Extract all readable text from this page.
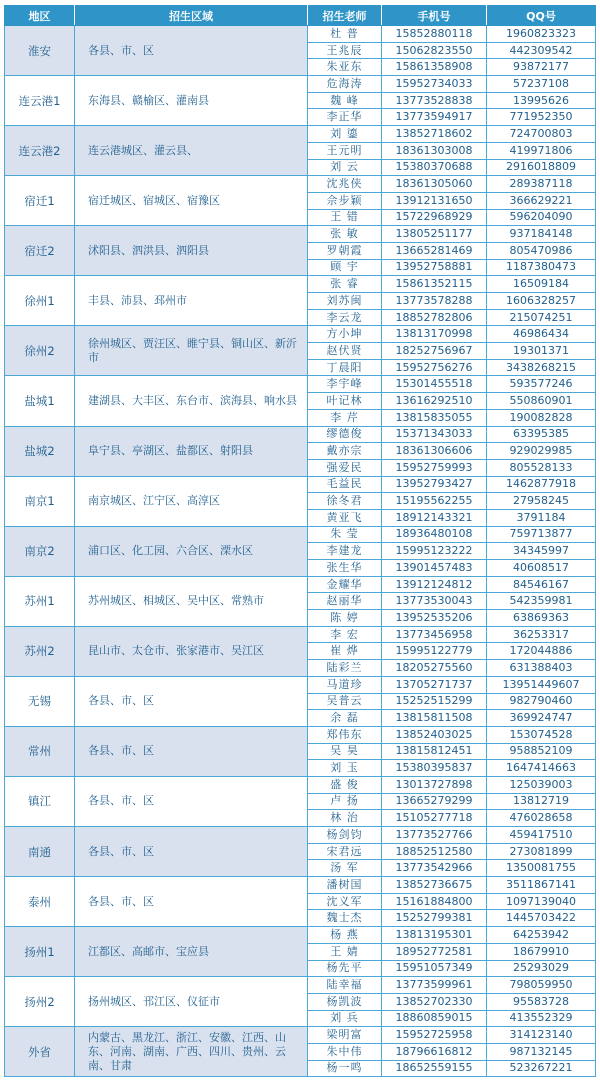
地区	招生区域	招生老师	手机号	QQ号
淮安	各县、市、区	杜 普	15852880118	1960823323
		王兆辰	15062823550	442309542
		朱亚东	15861358908	93872177
连云港1	东海县、赣榆区、灌南县	危海涛	15952734033	57237108
		魏 峰	13773528838	13995626
		李正华	13773594917	771952350
连云港2	连云港城区、灌云县、	刘 鎏	13852718602	724700803
		王元明	18361303008	419971806
		刘 云	15380370688	2916018809
宿迁1	宿迁城区、宿城区、宿豫区	沈兆侠	18361305060	289387118
		佘步颖	13912131650	366629221
		王 错	15722968929	596204090
宿迁2	沭阳县、泗洪县、泗阳县	张 敏	13805251177	937184148
		罗朝霞	13665281469	805470986
		顾 宇	13952758881	1187380473
徐州1	丰县、沛县、邳州市	张 睿	15861352115	16509184
		刘苏闽	13773578288	1606328257
		李云龙	18852782806	215074251
徐州2	徐州城区、贾汪区、睢宁县、铜山区、新沂市	方小坤	13813170998	46986434
		赵伏贤	18252756967	19301371
		丁晨阳	15952756276	3438268215
盐城1	建湖县、大丰区、东台市、滨海县、响水县	李宇峰	15301455518	593577246
		叶记林	13616292510	550860901
		李 芹	13815835055	190082828
盐城2	阜宁县、亭湖区、盐都区、射阳县	缪德俊	15371343033	63395385
		戴亦宗	18361306606	929029985
		强爱民	15952759993	805528133
南京1	南京城区、江宁区、高淳区	毛益民	13952793427	1462877918
		徐冬君	15195562255	27958245
		黄亚飞	18912143321	3791184
南京2	浦口区、化工园、六合区、溧水区	朱 莹	18936480108	759713877
		李建龙	15995123222	34345997
		张生华	13901457483	40608517
苏州1	苏州城区、相城区、吴中区、常熟市	金耀华	13912124812	84546167
		赵丽华	13773530043	542359981
		陈 婷	13952535206	63869363
苏州2	昆山市、太仓市、张家港市、吴江区	李 宏	13773456958	36253317
		崔 烨	15995122779	172044886
		陆彩兰	18205275560	631388403
无锡	各县、市、区	马道珍	13705271737	13951449607
		吴普云	15252515299	982790460
		余 磊	13815811508	369924747
常州	各县、市、区	郑伟东	13852403025	153074528
		吴 昊	13815812451	958852109
		刘 玉	15380395837	1647414663
镇江	各县、市、区	盛 俊	13013727898	125039003
		卢 扬	13665279299	13812719
		林 治	15105277718	476028658
南通	各县、市、区	杨剑钧	13773527766	459417510
		宋君远	18852512580	273081899
		汤 军	13773542966	1350081755
泰州	各县、市、区	潘树国	13852736675	3511867141
		沈义军	15161884800	1097139040
		魏士杰	15252799381	1445703422
扬州1	江都区、高邮市、宝应县	杨 燕	13813195301	64253942
		王 婧	18952772581	18679910
		杨先平	15951057349	25293029
扬州2	扬州城区、邗江区、仪征市	陆幸福	13773599961	798059950
		杨凯波	13852702330	95583728
		刘 兵	18860859015	413552329
外省	内蒙古、黑龙江、浙江、安徽、江西、山东、河南、湖南、广西、四川、贵州、云南、甘肃	梁明富	15952725958	314123140
		朱中伟	18796616812	987132145
		杨一鸣	18652559155	523267221
